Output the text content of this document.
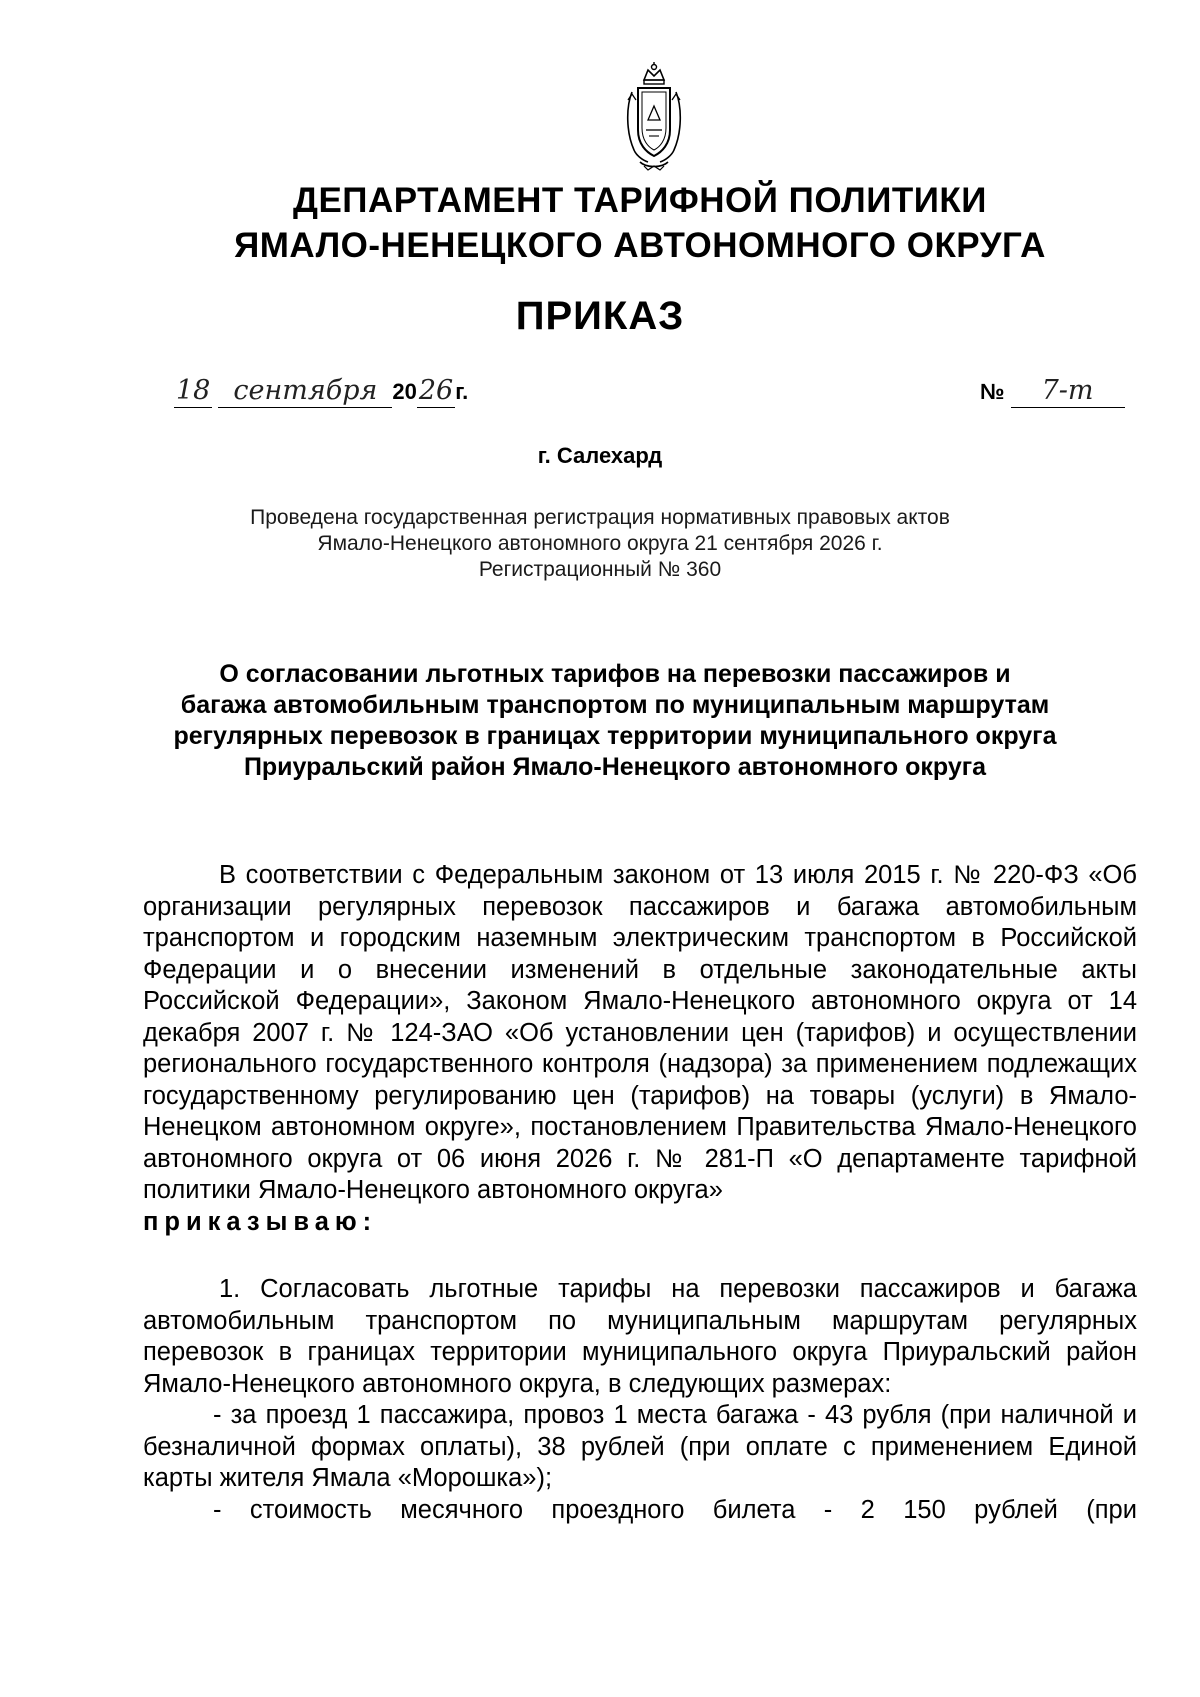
ДЕПАРТАМЕНТ ТАРИФНОЙ ПОЛИТИКИ
ЯМАЛО-НЕНЕЦКОГО АВТОНОМНОГО ОКРУГА
ПРИКАЗ
18 сентября 20 26 г.	№	7-т
г. Салехард
Проведена государственная регистрация нормативных правовых актов
Ямало-Ненецкого автономного округа 21 сентября 2026 г.
Регистрационный № 360
О согласовании льготных тарифов на перевозки пассажиров и
багажа автомобильным транспортом по муниципальным маршрутам
регулярных перевозок в границах территории муниципального округа
Приуральский район Ямало-Ненецкого автономного округа

В соответствии с Федеральным законом от 13 июля 2015 г. № 220-ФЗ «Об организации регулярных перевозок пассажиров и багажа автомобильным транспортом и городским наземным электрическим транспортом в Российской Федерации и о внесении изменений в отдельные законодательные акты Российской Федерации», Законом Ямало-Ненецкого автономного округа от 14 декабря 2007 г. № 124-ЗАО «Об установлении цен (тарифов) и осуществлении регионального государственного контроля (надзора) за применением подлежащих государственному регулированию цен (тарифов) на товары (услуги) в Ямало-Ненецком автономном округе», постановлением Правительства Ямало-Ненецкого автономного округа от 06 июня 2026 г. № 281-П «О департаменте тарифной политики Ямало-Ненецкого автономного округа»

приказываю:

1. Согласовать льготные тарифы на перевозки пассажиров и багажа автомобильным транспортом по муниципальным маршрутам регулярных перевозок в границах территории муниципального округа Приуральский район Ямало-Ненецкого автономного округа, в следующих размерах:

- за проезд 1 пассажира, провоз 1 места багажа - 43 рубля (при наличной и безналичной формах оплаты), 38 рублей (при оплате с применением Единой карты жителя Ямала «Морошка»);

- стоимость месячного проездного билета - 2 150 рублей (при
